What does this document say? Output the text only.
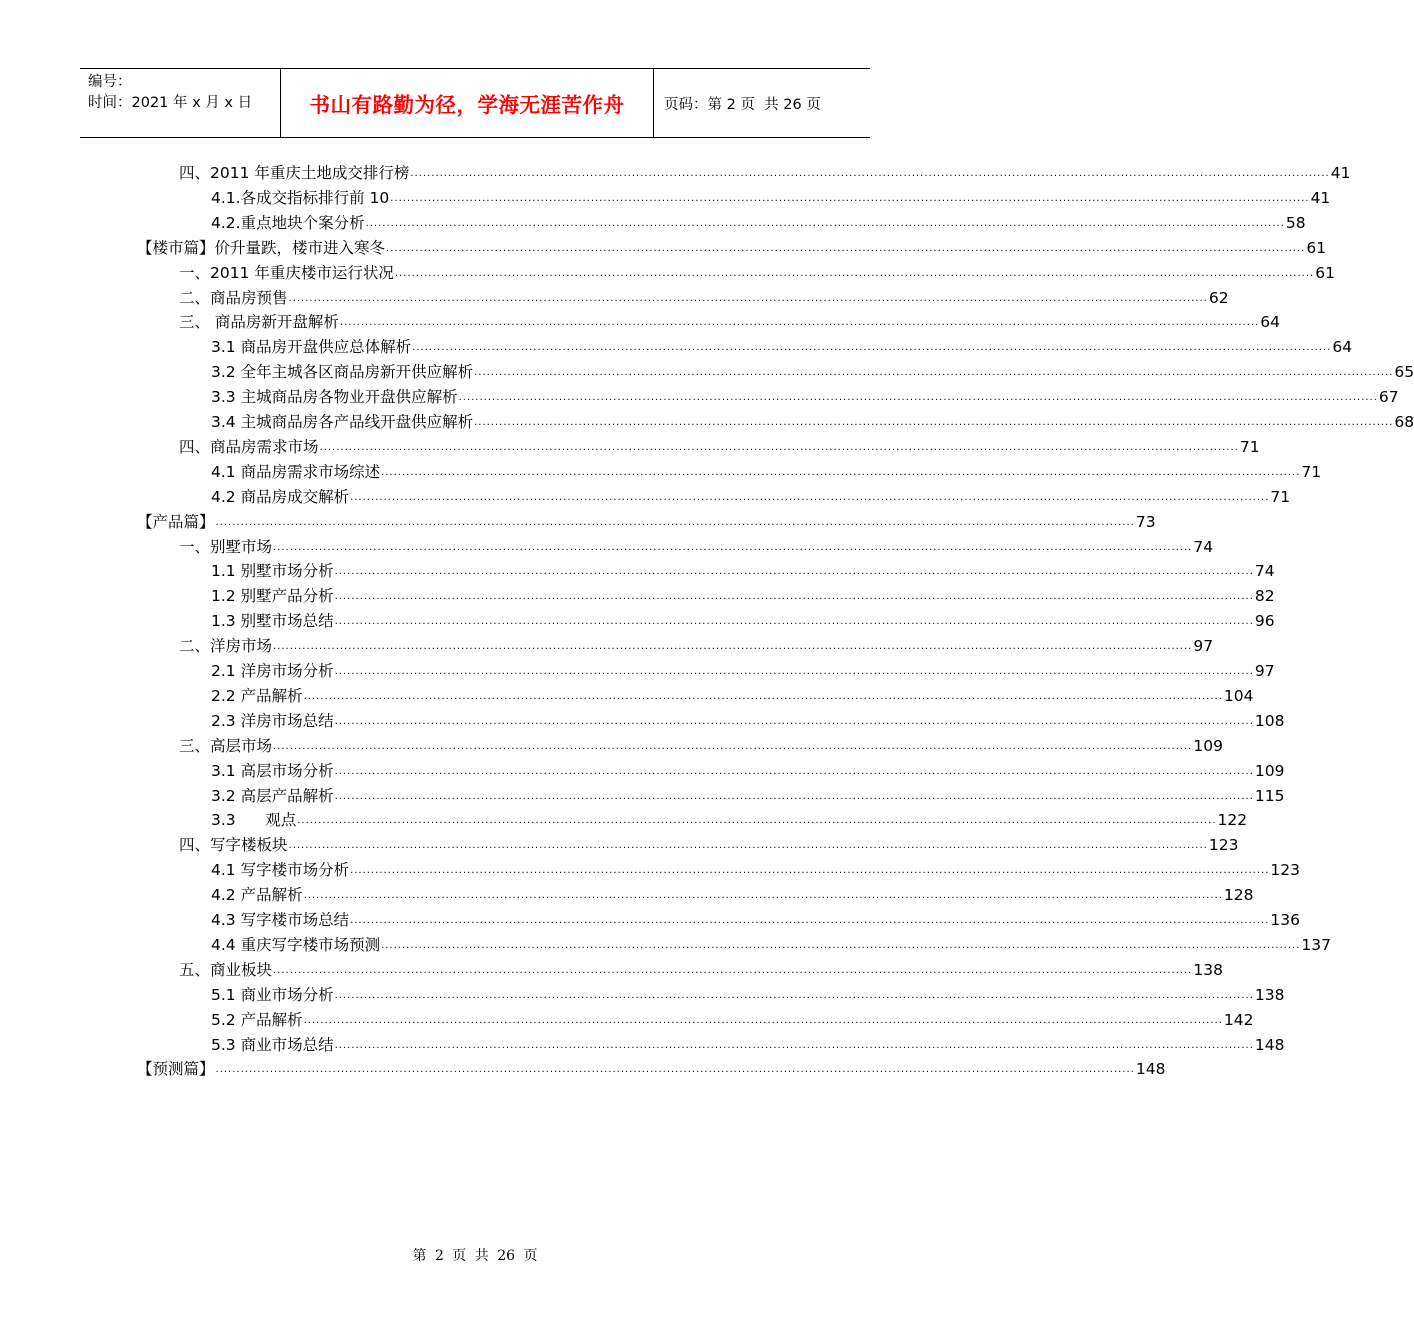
编号：
时间：2021 年 x 月 x 日	书山有路勤为径，学海无涯苦作舟	页码：第 2 页  共 26 页
四、2011 年重庆土地成交排行榜 ............................................................................................................................................................................................................................ 41
4.1.各成交指标排行前 10 ............................................................................................................................................................................................................................ 41
4.2.重点地块个案分析 ............................................................................................................................................................................................................................ 58
【楼市篇】价升量跌，楼市进入寒冬 ............................................................................................................................................................................................................................ 61
一、2011 年重庆楼市运行状况 ............................................................................................................................................................................................................................ 61
二、商品房预售 ............................................................................................................................................................................................................................ 62
三、 商品房新开盘解析 ............................................................................................................................................................................................................................ 64
3.1 商品房开盘供应总体解析 ............................................................................................................................................................................................................................ 64
3.2 全年主城各区商品房新开供应解析 ............................................................................................................................................................................................................................ 65
3.3 主城商品房各物业开盘供应解析 ............................................................................................................................................................................................................................ 67
3.4 主城商品房各产品线开盘供应解析 ............................................................................................................................................................................................................................ 68
四、商品房需求市场 ............................................................................................................................................................................................................................ 71
4.1 商品房需求市场综述 ............................................................................................................................................................................................................................ 71
4.2 商品房成交解析 ............................................................................................................................................................................................................................ 71
【产品篇】 ............................................................................................................................................................................................................................ 73
一、别墅市场 ............................................................................................................................................................................................................................ 74
1.1 别墅市场分析 ............................................................................................................................................................................................................................ 74
1.2 别墅产品分析 ............................................................................................................................................................................................................................ 82
1.3 别墅市场总结 ............................................................................................................................................................................................................................ 96
二、洋房市场 ............................................................................................................................................................................................................................ 97
2.1 洋房市场分析 ............................................................................................................................................................................................................................ 97
2.2 产品解析 ............................................................................................................................................................................................................................ 104
2.3 洋房市场总结 ............................................................................................................................................................................................................................ 108
三、高层市场 ............................................................................................................................................................................................................................ 109
3.1 高层市场分析 ............................................................................................................................................................................................................................ 109
3.2 高层产品解析 ............................................................................................................................................................................................................................ 115
3.3      观点 ............................................................................................................................................................................................................................ 122
四、写字楼板块 ............................................................................................................................................................................................................................ 123
4.1 写字楼市场分析 ............................................................................................................................................................................................................................ 123
4.2 产品解析 ............................................................................................................................................................................................................................ 128
4.3 写字楼市场总结 ............................................................................................................................................................................................................................ 136
4.4 重庆写字楼市场预测 ............................................................................................................................................................................................................................ 137
五、商业板块 ............................................................................................................................................................................................................................ 138
5.1 商业市场分析 ............................................................................................................................................................................................................................ 138
5.2 产品解析 ............................................................................................................................................................................................................................ 142
5.3 商业市场总结 ............................................................................................................................................................................................................................ 148
【预测篇】 ............................................................................................................................................................................................................................ 148
第 2 页 共 26 页
